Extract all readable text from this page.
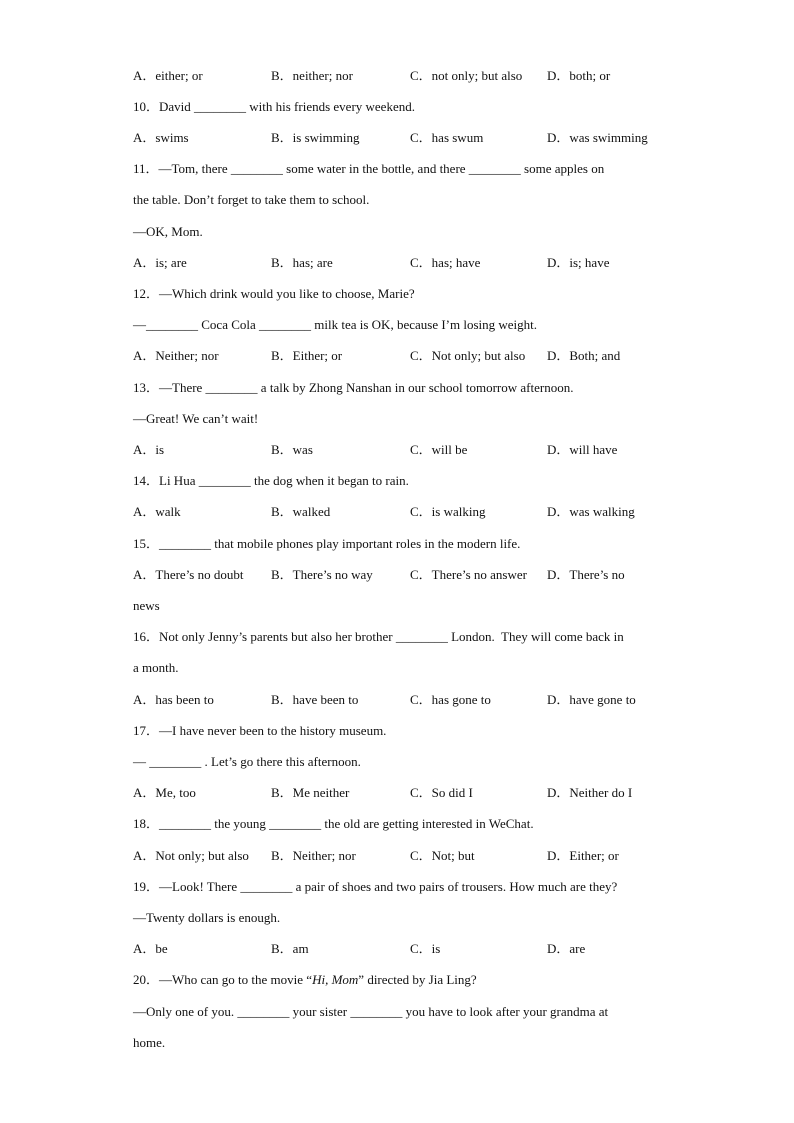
A．either; or	B．neither; nor	C．not only; but also D．both; or
10．David ________ with his friends every weekend.
A．swims	B．is swimming	C．has swum	D．was swimming
11．—Tom, there ________ some water in the bottle, and there ________ some apples on
the table. Don’t forget to take them to school.
—OK, Mom.
A．is; are	B．has; are	C．has; have	D．is; have
12．—Which drink would you like to choose, Marie?
—________ Coca Cola ________ milk tea is OK, because I’m losing weight.
A．Neither; nor	B．Either; or	C．Not only; but also D．Both; and
13．—There ________ a talk by Zhong Nanshan in our school tomorrow afternoon.
—Great! We can’t wait!
A．is	B．was	C．will be	D．will have
14．Li Hua ________ the dog when it began to rain.
A．walk	B．walked	C．is walking	D．was walking
15．________ that mobile phones play important roles in the modern life.
A．There’s no doubt B．There’s no way	C．There’s no answer D．There’s no
news
16．Not only Jenny’s parents but also her brother ________ London.  They will come back in
a month.
A．has been to	B．have been to	C．has gone to	D．have gone to
17．—I have never been to the history museum.
— ________ . Let’s go there this afternoon.
A．Me, too	B．Me neither	C．So did I	D．Neither do I
18．________ the young ________ the old are getting interested in WeChat.
A．Not only; but also B．Neither; nor	C．Not; but	D．Either; or
19．—Look! There ________ a pair of shoes and two pairs of trousers. How much are they?
—Twenty dollars is enough.
A．be	B．am	C．is	D．are
20．—Who can go to the movie “Hi, Mom” directed by Jia Ling?
—Only one of you. ________ your sister ________ you have to look after your grandma at
home.
